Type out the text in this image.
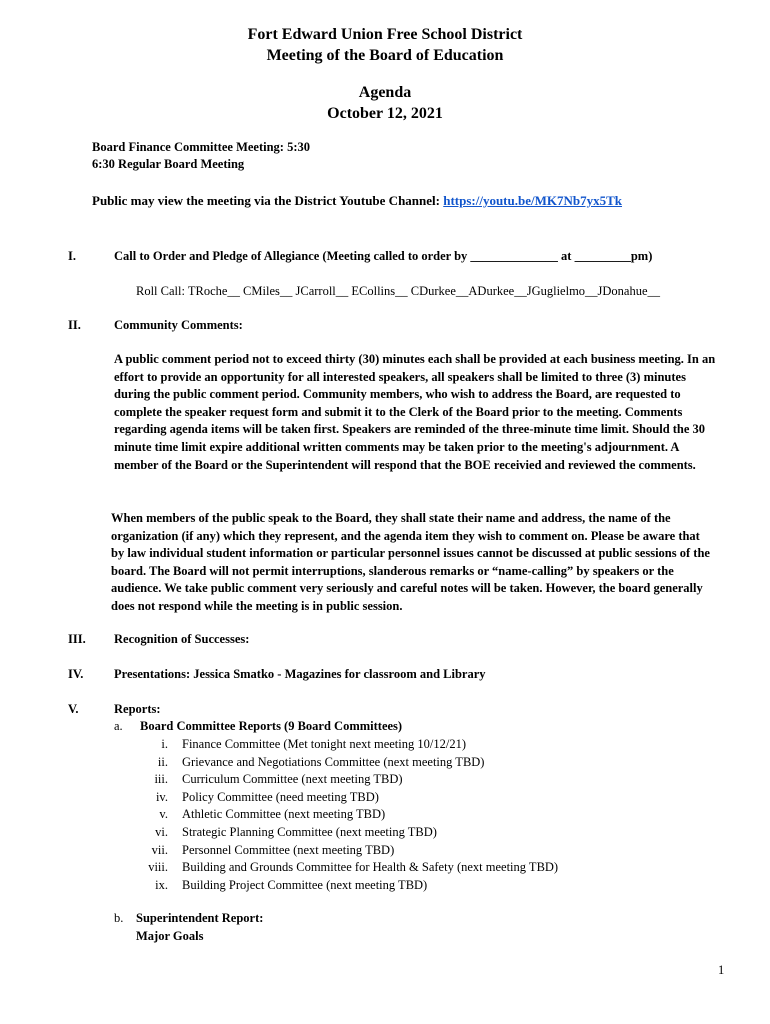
Fort Edward Union Free School District
Meeting of the Board of Education
Agenda
October 12, 2021
Board Finance Committee Meeting: 5:30
6:30 Regular Board Meeting
Public may view the meeting via the District Youtube Channel: https://youtu.be/MK7Nb7yx5Tk
I.	Call to Order and Pledge of Allegiance (Meeting called to order by ______________ at _________pm)
Roll Call: TRoche__ CMiles__ JCarroll__ ECollins__ CDurkee__ADurkee__JGuglielmo__JDonahue__
II.	Community Comments:
A public comment period not to exceed thirty (30) minutes each shall be provided at each business meeting. In an effort to provide an opportunity for all interested speakers, all speakers shall be limited to three (3) minutes during the public comment period. Community members, who wish to address the Board, are requested to complete the speaker request form and submit it to the Clerk of the Board prior to the meeting. Comments regarding agenda items will be taken first. Speakers are reminded of the three-minute time limit. Should the 30 minute time limit expire additional written comments may be taken prior to the meeting's adjournment. A member of the Board or the Superintendent will respond that the BOE receivied and reviewed the comments.
When members of the public speak to the Board, they shall state their name and address, the name of the organization (if any) which they represent, and the agenda item they wish to comment on. Please be aware that by law individual student information or particular personnel issues cannot be discussed at public sessions of the board. The Board will not permit interruptions, slanderous remarks or “name-calling” by speakers or the audience. We take public comment very seriously and careful notes will be taken. However, the board generally does not respond while the meeting is in public session.
III. Recognition of Successes:
IV. Presentations: Jessica Smatko - Magazines for classroom and Library
V.	Reports:
a. Board Committee Reports (9 Board Committees)
i. Finance Committee (Met tonight next meeting 10/12/21)
ii. Grievance and Negotiations Committee (next meeting TBD)
iii. Curriculum Committee (next meeting TBD)
iv. Policy Committee (need meeting TBD)
v. Athletic Committee (next meeting TBD)
vi. Strategic Planning Committee (next meeting TBD)
vii. Personnel Committee (next meeting TBD)
viii. Building and Grounds Committee for Health & Safety (next meeting TBD)
ix. Building Project Committee (next meeting TBD)
b. Superintendent Report:
Major Goals
1
